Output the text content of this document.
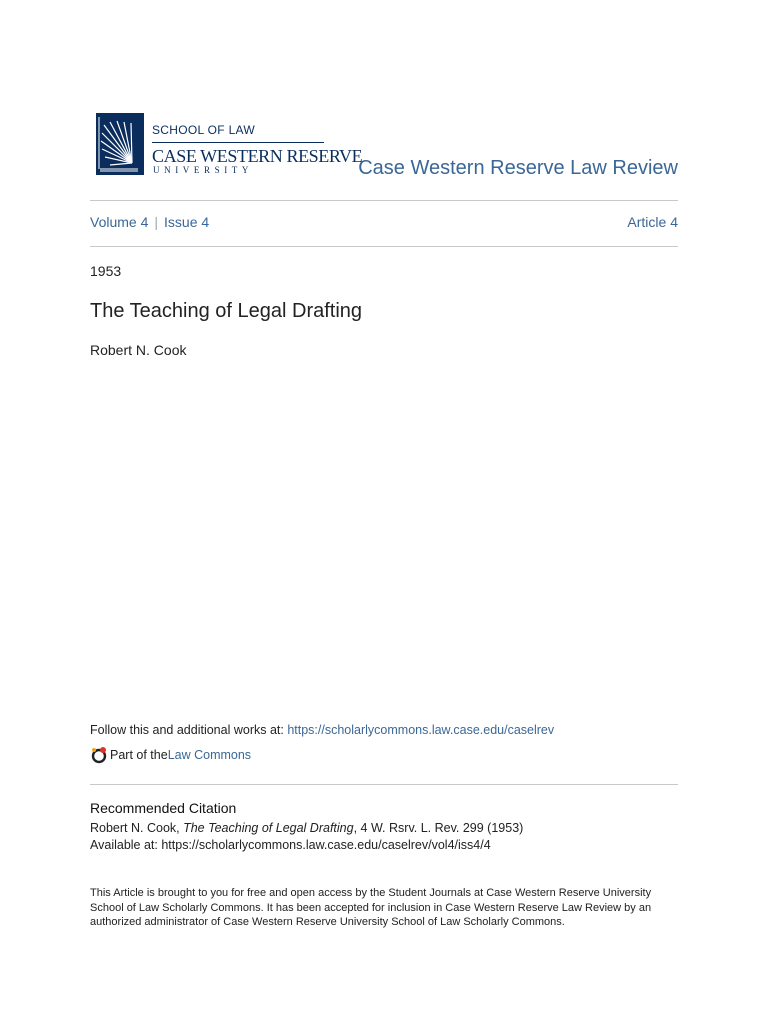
SCHOOL OF LAW
CASE WESTERN RESERVE
UNIVERSITY	Case Western Reserve Law Review
Volume 4 | Issue 4	Article 4
1953
The Teaching of Legal Drafting
Robert N. Cook
Follow this and additional works at: https://scholarlycommons.law.case.edu/caselrev
Part of the Law Commons
Recommended Citation
Robert N. Cook, The Teaching of Legal Drafting, 4 W. Rsrv. L. Rev. 299 (1953)
Available at: https://scholarlycommons.law.case.edu/caselrev/vol4/iss4/4
This Article is brought to you for free and open access by the Student Journals at Case Western Reserve University School of Law Scholarly Commons. It has been accepted for inclusion in Case Western Reserve Law Review by an authorized administrator of Case Western Reserve University School of Law Scholarly Commons.
